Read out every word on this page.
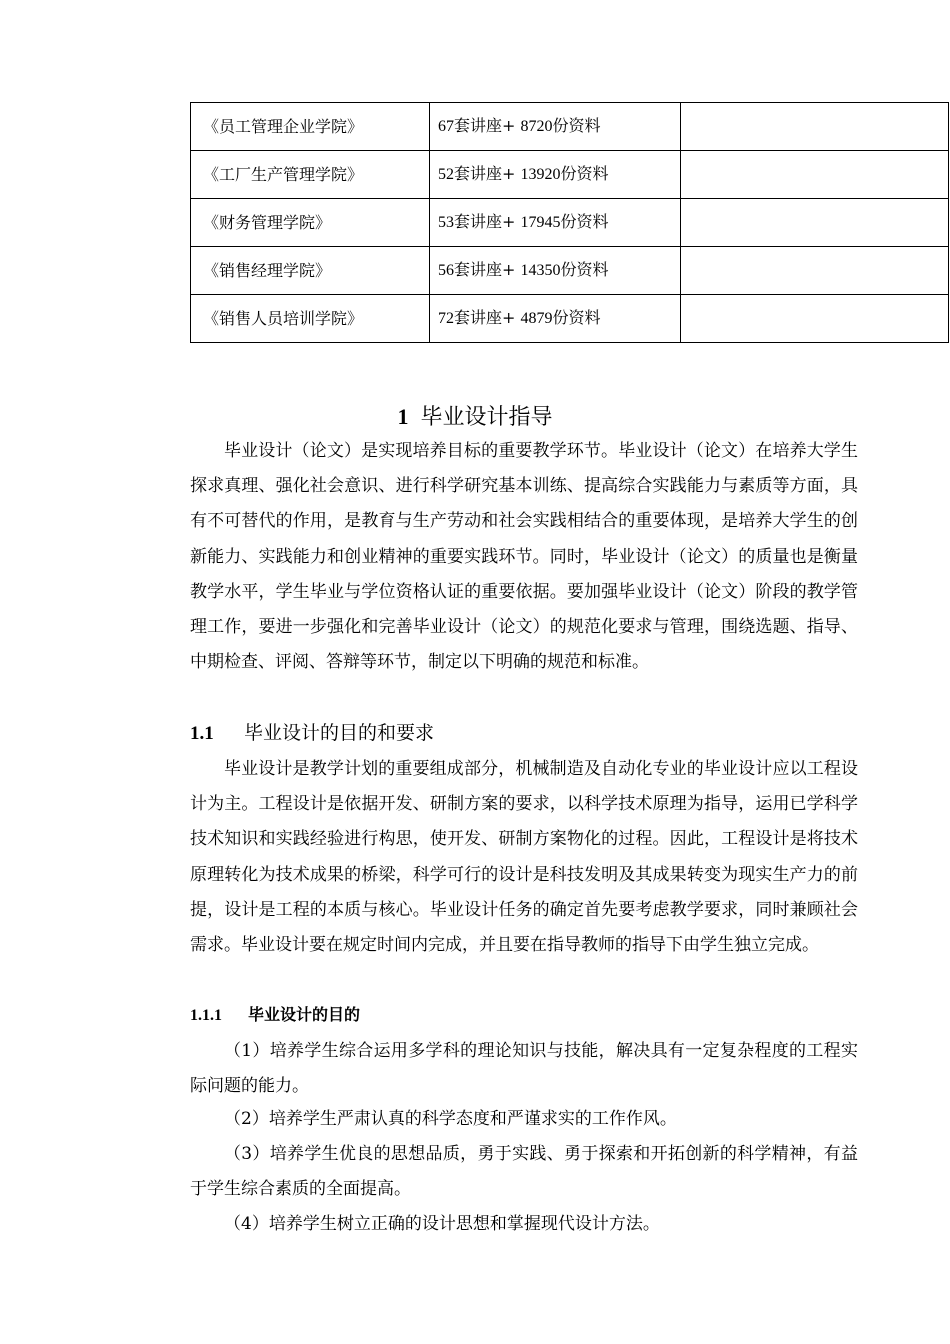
《员工管理企业学院》	67套讲座+ 8720份资料	
《工厂生产管理学院》	52套讲座+ 13920份资料	
《财务管理学院》	53套讲座+ 17945份资料	
《销售经理学院》	56套讲座+ 14350份资料	
《销售人员培训学院》	72套讲座+ 4879份资料	
1 毕业设计指导

毕业设计（论文）是实现培养目标的重要教学环节。毕业设计（论文）在培养大学生探求真理、强化社会意识、进行科学研究基本训练、提高综合实践能力与素质等方面，具有不可替代的作用，是教育与生产劳动和社会实践相结合的重要体现，是培养大学生的创新能力、实践能力和创业精神的重要实践环节。同时，毕业设计（论文）的质量也是衡量教学水平，学生毕业与学位资格认证的重要依据。要加强毕业设计（论文）阶段的教学管理工作，要进一步强化和完善毕业设计（论文）的规范化要求与管理，围绕选题、指导、中期检查、评阅、答辩等环节，制定以下明确的规范和标准。

1.1 毕业设计的目的和要求

毕业设计是教学计划的重要组成部分，机械制造及自动化专业的毕业设计应以工程设计为主。工程设计是依据开发、研制方案的要求，以科学技术原理为指导，运用已学科学技术知识和实践经验进行构思，使开发、研制方案物化的过程。因此，工程设计是将技术原理转化为技术成果的桥梁，科学可行的设计是科技发明及其成果转变为现实生产力的前提，设计是工程的本质与核心。毕业设计任务的确定首先要考虑教学要求，同时兼顾社会需求。毕业设计要在规定时间内完成，并且要在指导教师的指导下由学生独立完成。

1.1.1 毕业设计的目的

（1）培养学生综合运用多学科的理论知识与技能，解决具有一定复杂程度的工程实际问题的能力。

（2）培养学生严肃认真的科学态度和严谨求实的工作作风。

（3）培养学生优良的思想品质，勇于实践、勇于探索和开拓创新的科学精神，有益于学生综合素质的全面提高。

（4）培养学生树立正确的设计思想和掌握现代设计方法。
